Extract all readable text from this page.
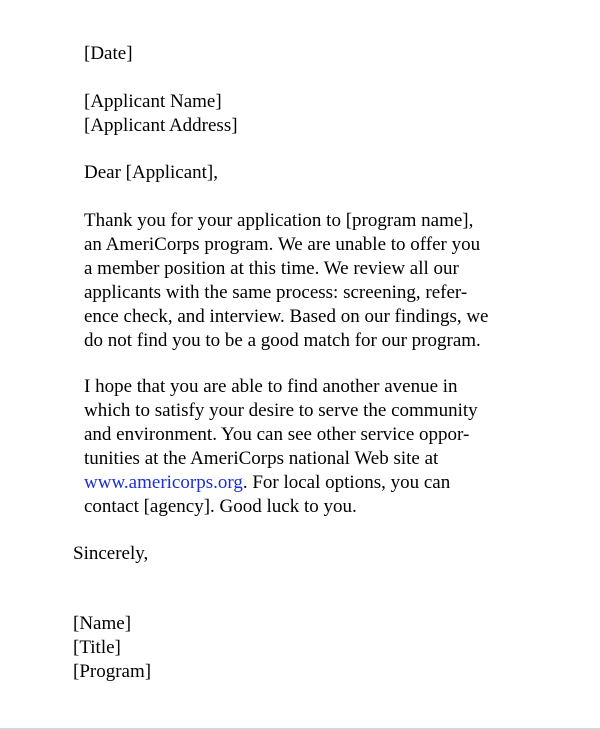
[Date]

[Applicant Name]

[Applicant Address]

Dear [Applicant],

Thank you for your application to [program name],

an AmeriCorps program. We are unable to offer you

a member position at this time. We review all our

applicants with the same process: screening, refer-

ence check, and interview. Based on our findings, we

do not find you to be a good match for our program.

I hope that you are able to find another avenue in

which to satisfy your desire to serve the community

and environment. You can see other service oppor-

tunities at the AmeriCorps national Web site at

www.americorps.org. For local options, you can

contact [agency]. Good luck to you.

Sincerely,

[Name]

[Title]

[Program]
